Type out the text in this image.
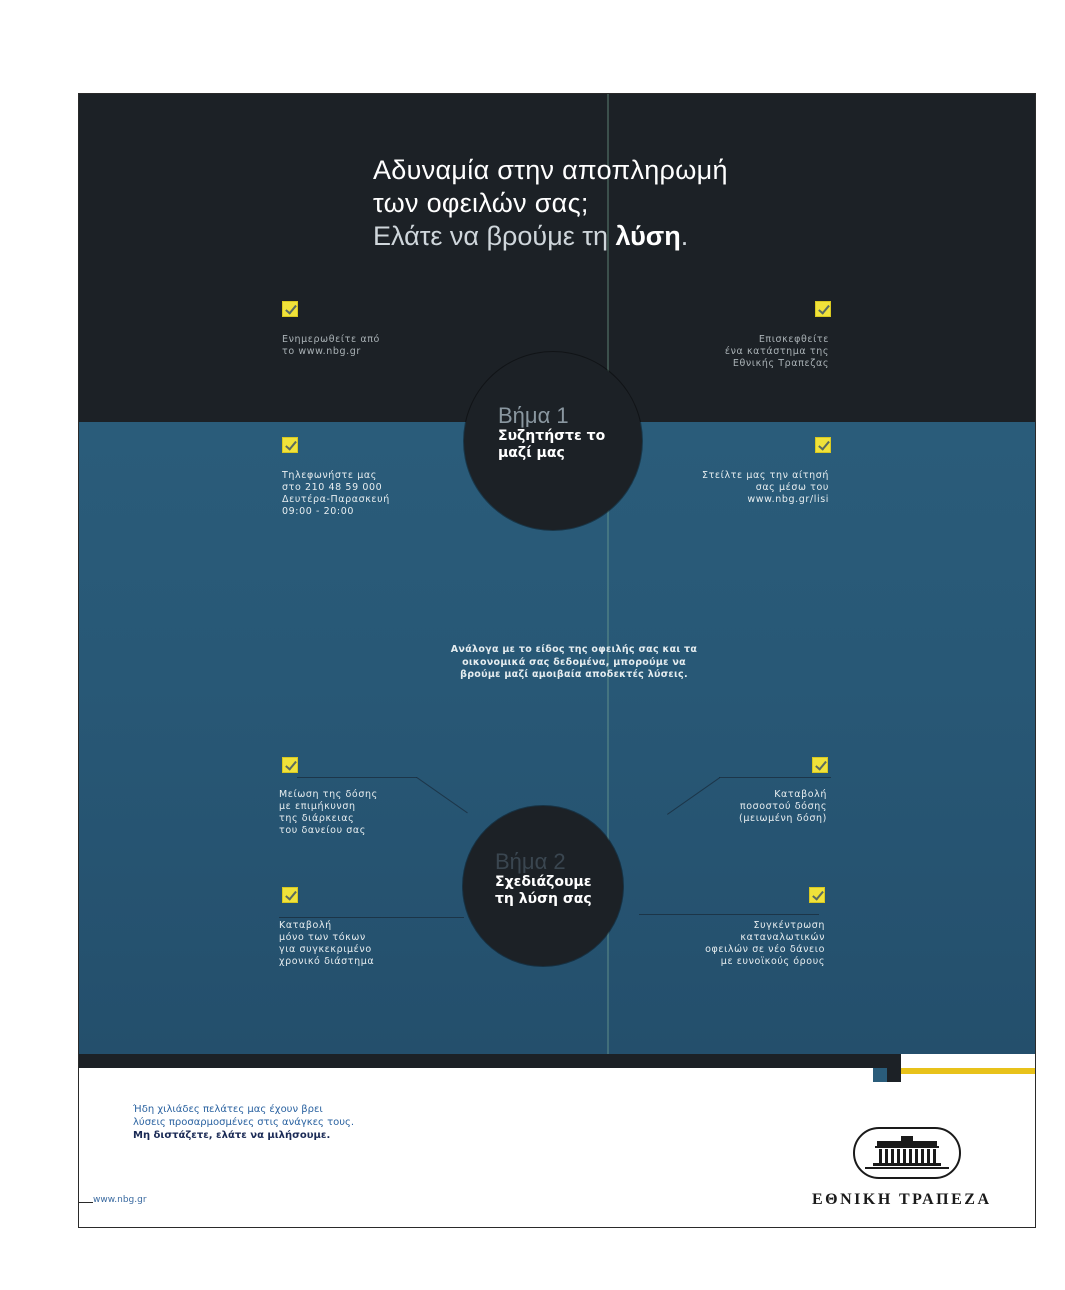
Αδυναμία στην αποπληρωμή
των οφειλών σας;
Ελάτε να βρούμε τη λύση.
Ενημερωθείτε από
το www.nbg.gr
Επισκεφθείτε
ένα κατάστημα της
Εθνικής Τραπεζας
Τηλεφωνήστε μας
στο 210 48 59 000
Δευτέρα-Παρασκευή
09:00 - 20:00
Στείλτε μας την αίτησή
σας μέσω του
www.nbg.gr/lisi
Βήμα 1
Συζητήστε το
μαζί μας
Ανάλογα με το είδος της οφειλής σας και τα
οικονομικά σας δεδομένα, μπορούμε να
βρούμε μαζί αμοιβαία αποδεκτές λύσεις.
Μείωση της δόσης
με επιμήκυνση
της διάρκειας
του δανείου σας
Καταβολή
ποσοστού δόσης
(μειωμένη δόση)
Καταβολή
μόνο των τόκων
για συγκεκριμένο
χρονικό διάστημα
Συγκέντρωση
καταναλωτικών
οφειλών σε νέο δάνειο
με ευνοϊκούς όρους
Βήμα 2
Σχεδιάζουμε
τη λύση σας
Ήδη χιλιάδες πελάτες μας έχουν βρει
λύσεις προσαρμοσμένες στις ανάγκες τους.
Μη διστάζετε, ελάτε να μιλήσουμε.
www.nbg.gr	ΕΘΝΙΚΗ ΤΡΑΠΕΖΑ
